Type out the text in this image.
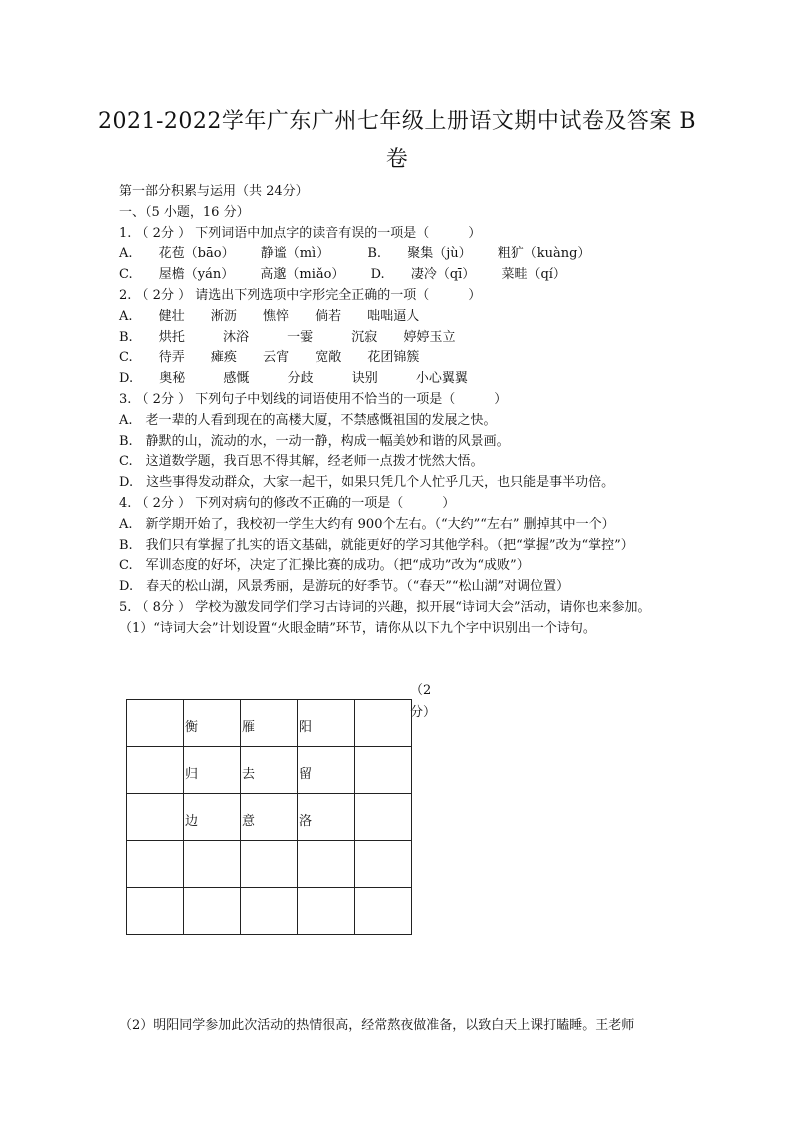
2021-2022学年广东广州七年级上册语文期中试卷及答案 B
卷
第一部分积累与运用（共 24分）
一、（5 小题，16 分）
1. （ 2分 ） 下列词语中加点字的读音有误的一项是（　　　）
A. 花苞（bāo） 静谧（mì）	B. 聚集（jù） 粗犷（kuàng）
C. 屋檐（yán） 高邈（miǎo） D. 凄冷（qī） 菜畦（qí）
2. （ 2分 ） 请选出下列选项中字形完全正确的一项（　　　）
A. 健壮 淅沥 憔悴 倘若 咄咄逼人
B. 烘托	沐浴	一霎	沉寂 婷婷玉立
C. 待弄 瘫痪 云宵 宽敞 花团锦簇
D. 奥秘	感慨	分歧	诀别	小心翼翼
3. （ 2分 ） 下列句子中划线的词语使用不恰当的一项是（　　　）
A.　老一辈的人看到现在的高楼大厦，不禁感慨祖国的发展之快。
B.　静默的山，流动的水，一动一静，构成一幅美妙和谐的风景画。
C.　这道数学题，我百思不得其解，经老师一点拨才恍然大悟。
D.　这些事得发动群众，大家一起干，如果只凭几个人忙乎几天，也只能是事半功倍。
4. （ 2分 ） 下列对病句的修改不正确的一项是（　　　）
A.　新学期开始了，我校初一学生大约有 900个左右。（“大约”“左右” 删掉其中一个）
B.　我们只有掌握了扎实的语文基础，就能更好的学习其他学科。（把“掌握”改为“掌控”）
C.　军训态度的好坏，决定了汇操比赛的成功。（把“成功”改为“成败”）
D.　春天的松山湖，风景秀丽，是游玩的好季节。（“春天”“松山湖”对调位置）
5. （ 8分 ） 学校为激发同学们学习古诗词的兴趣，拟开展“诗词大会”活动，请你也来参加。
（1）“诗词大会”计划设置“火眼金睛”环节，请你从以下九个字中识别出一个诗句。
（2分）

	衡	雁	阳	

	归	去	留	

	边	意	洛	

（2）明阳同学参加此次活动的热情很高，经常熬夜做准备，以致白天上课打瞌睡。王老师
